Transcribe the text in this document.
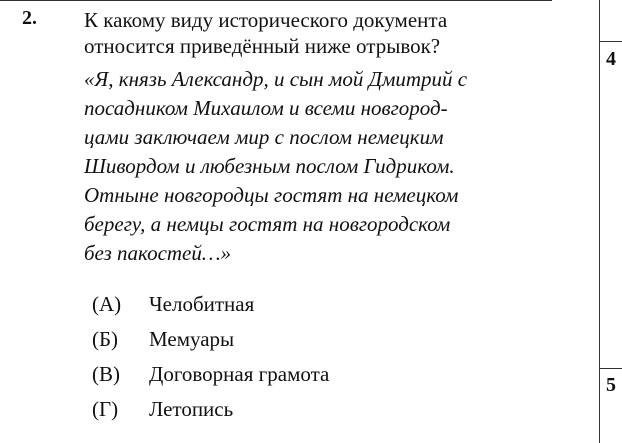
4
5
2. К какому виду исторического документа
относится приведённый ниже отрывок?
«Я, князь Александр, и сын мой Дмитрий с
посадником Михаилом и всеми новгород-
цами заключаем мир с послом немецким
Шивордом и любезным послом Гидриком.
Отныне новгородцы гостят на немецком
берегу, а немцы гостят на новгородском
без пакостей…»
(А) Челобитная
(Б) Мемуары
(В) Договорная грамота
(Г) Летопись
